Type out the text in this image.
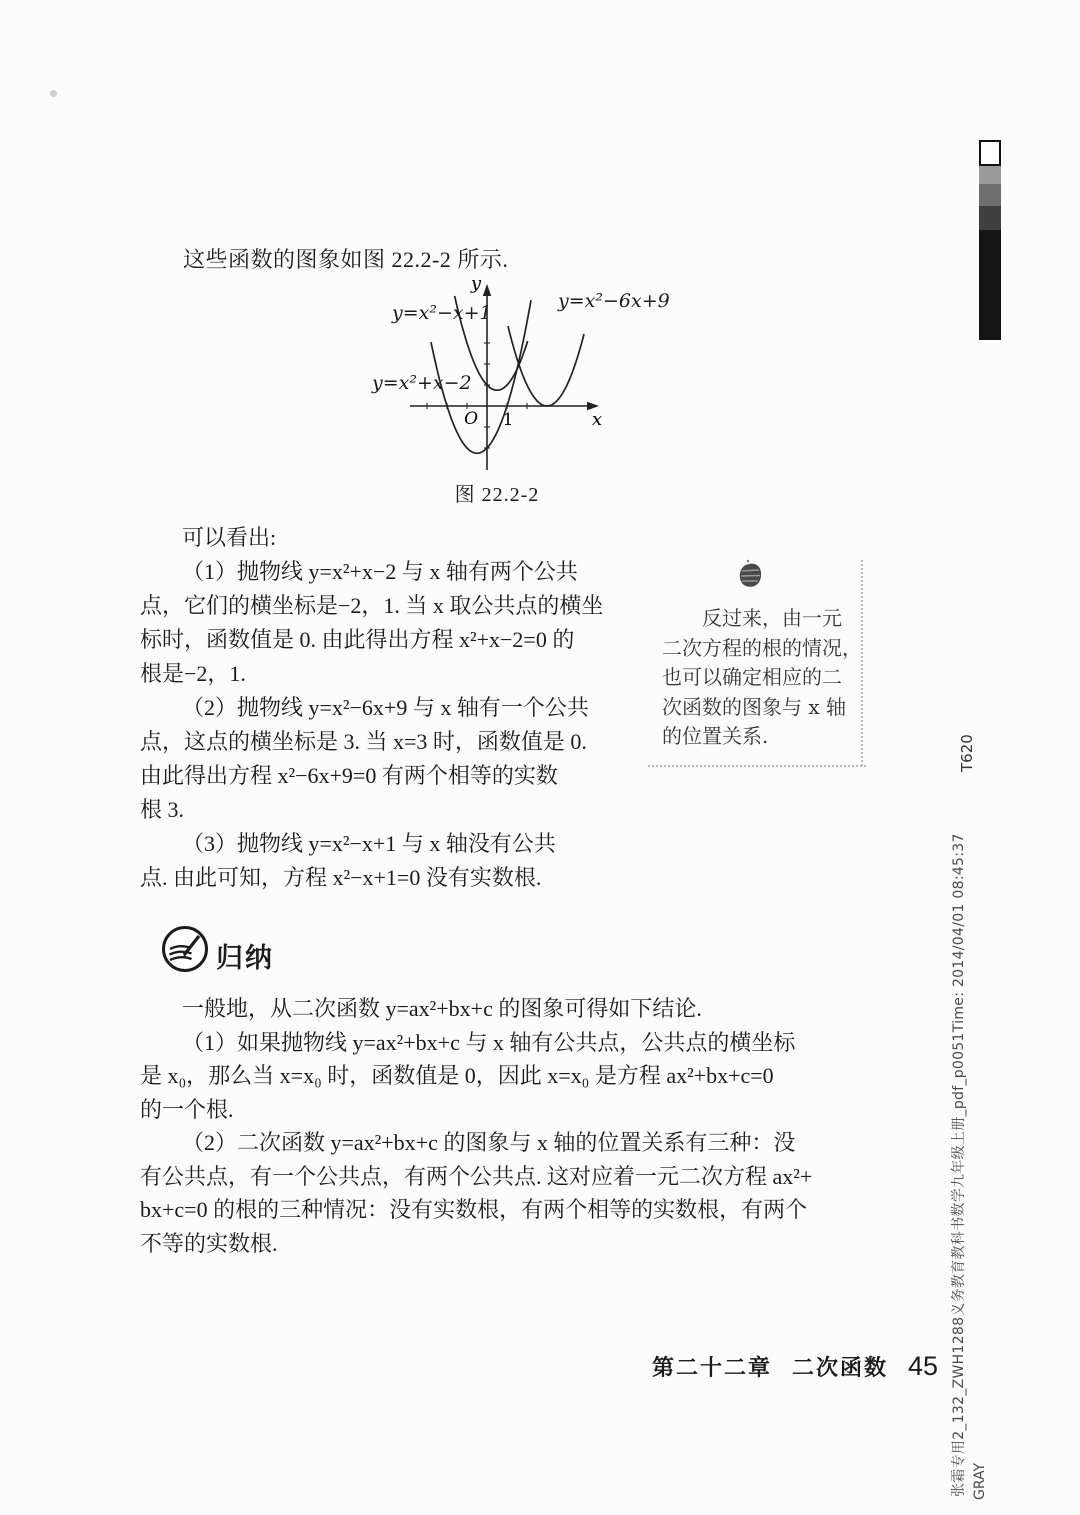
这些函数的图象如图 22.2-2 所示.
O 1	x
y
y=x²+x−2
y=x²−x+1
y=x²−6x+9
图 22.2-2
可以看出:
（1）抛物线 y=x²+x−2 与 x 轴有两个公共
点，它们的横坐标是−2，1. 当 x 取公共点的横坐
标时，函数值是 0. 由此得出方程 x²+x−2=0 的
根是−2，1.
（2）抛物线 y=x²−6x+9 与 x 轴有一个公共
点，这点的横坐标是 3. 当 x=3 时，函数值是 0.
由此得出方程 x²−6x+9=0 有两个相等的实数
根 3.
（3）抛物线 y=x²−x+1 与 x 轴没有公共
点. 由此可知，方程 x²−x+1=0 没有实数根.
反过来，由一元
二次方程的根的情况，
也可以确定相应的二
次函数的图象与 x 轴
的位置关系.
归纳
一般地，从二次函数 y=ax²+bx+c 的图象可得如下结论.
（1）如果抛物线 y=ax²+bx+c 与 x 轴有公共点，公共点的横坐标
是 x₀，那么当 x=x₀ 时，函数值是 0，因此 x=x₀ 是方程 ax²+bx+c=0
的一个根.
（2）二次函数 y=ax²+bx+c 的图象与 x 轴的位置关系有三种：没
有公共点，有一个公共点，有两个公共点. 这对应着一元二次方程 ax²+
bx+c=0 的根的三种情况：没有实数根，有两个相等的实数根，有两个
不等的实数根.
第二十二章 二次函数 45
T620
张霜专用2_132_ZWH1288义务教育教科书数学九年级上册_pdf_p0051Time: 2014/04/01 08:45:37 GRAY
